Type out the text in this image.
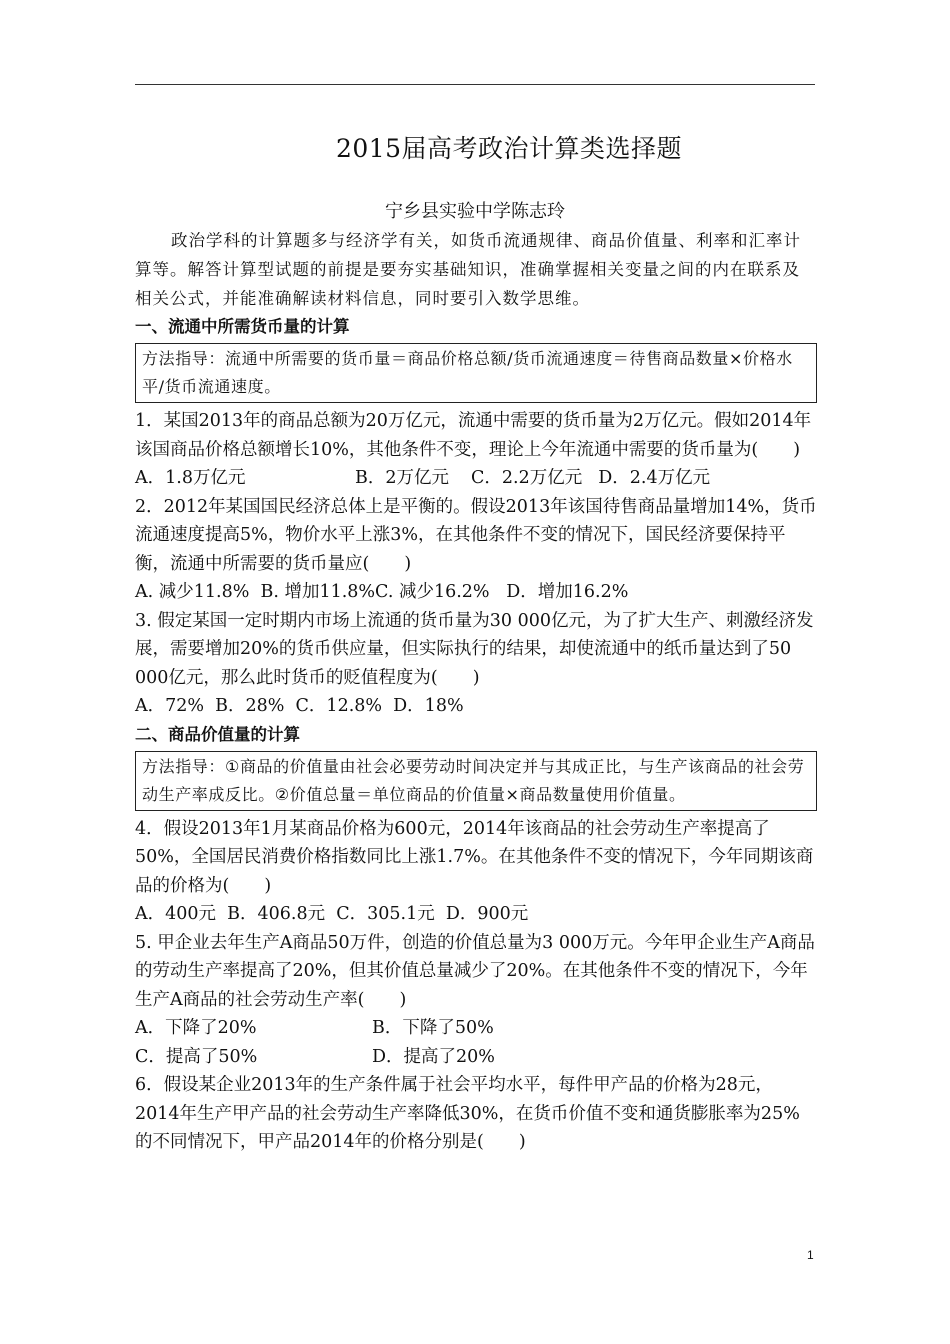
2015届高考政治计算类选择题
宁乡县实验中学陈志玲

政治学科的计算题多与经济学有关，如货币流通规律、商品价值量、利率和汇率计算等。解答计算型试题的前提是要夯实基础知识，准确掌握相关变量之间的内在联系及相关公式，并能准确解读材料信息，同时要引入数学思维。

一、流通中所需货币量的计算

方法指导：流通中所需要的货币量＝商品价格总额/货币流通速度＝待售商品数量×价格水平/货币流通速度。

1．某国2013年的商品总额为20万亿元，流通中需要的货币量为2万亿元。假如2014年该国商品价格总额增长10%，其他条件不变，理论上今年流通中需要的货币量为(　　)

A．1.8万亿元	B．2万亿元 C．2.2万亿元 D．2.4万亿元

2．2012年某国国民经济总体上是平衡的。假设2013年该国待售商品量增加14%，货币流通速度提高5%，物价水平上涨3%，在其他条件不变的情况下，国民经济要保持平衡，流通中所需要的货币量应(　　)

A. 减少11.8%  B. 增加11.8%C. 减少16.2%   D．增加16.2%

3. 假定某国一定时期内市场上流通的货币量为30 000亿元，为了扩大生产、刺激经济发展，需要增加20%的货币供应量，但实际执行的结果，却使流通中的纸币量达到了50 000亿元，那么此时货币的贬值程度为(　　)

A．72%  B．28%  C．12.8%  D．18%

二、商品价值量的计算

方法指导：①商品的价值量由社会必要劳动时间决定并与其成正比，与生产该商品的社会劳动生产率成反比。②价值总量＝单位商品的价值量×商品数量使用价值量。

4．假设2013年1月某商品价格为600元，2014年该商品的社会劳动生产率提高了50%，全国居民消费价格指数同比上涨1.7%。在其他条件不变的情况下，今年同期该商品的价格为(　　)

A．400元  B．406.8元  C．305.1元  D．900元

5. 甲企业去年生产A商品50万件，创造的价值总量为3 000万元。今年甲企业生产A商品的劳动生产率提高了20%，但其价值总量减少了20%。在其他条件不变的情况下，今年生产A商品的社会劳动生产率(　　)

A．下降了20%	B．下降了50%
C．提高了50%	D．提高了20%

6．假设某企业2013年的生产条件属于社会平均水平，每件甲产品的价格为28元，2014年生产甲产品的社会劳动生产率降低30%，在货币价值不变和通货膨胀率为25%的不同情况下，甲产品2014年的价格分别是(　　)

1
